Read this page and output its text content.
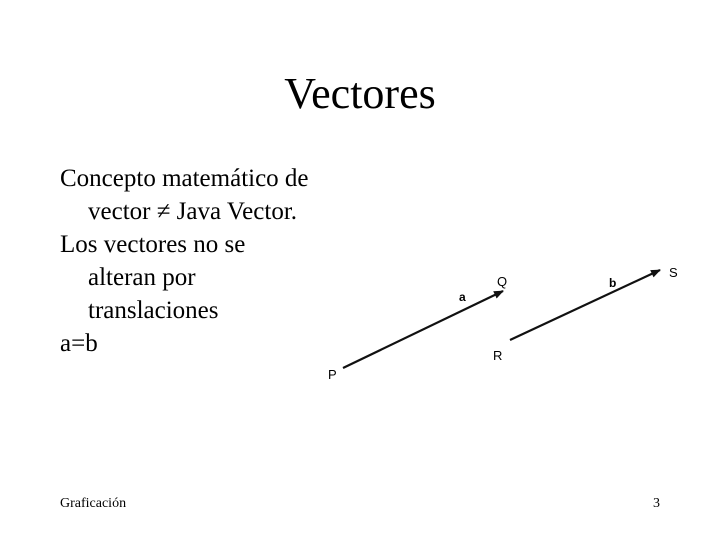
Vectores
Concepto matemático de
vector ≠ Java Vector.
Los vectores no se
alteran por
translaciones
a=b
P
Q
R
S
a
b
Graficación	3
